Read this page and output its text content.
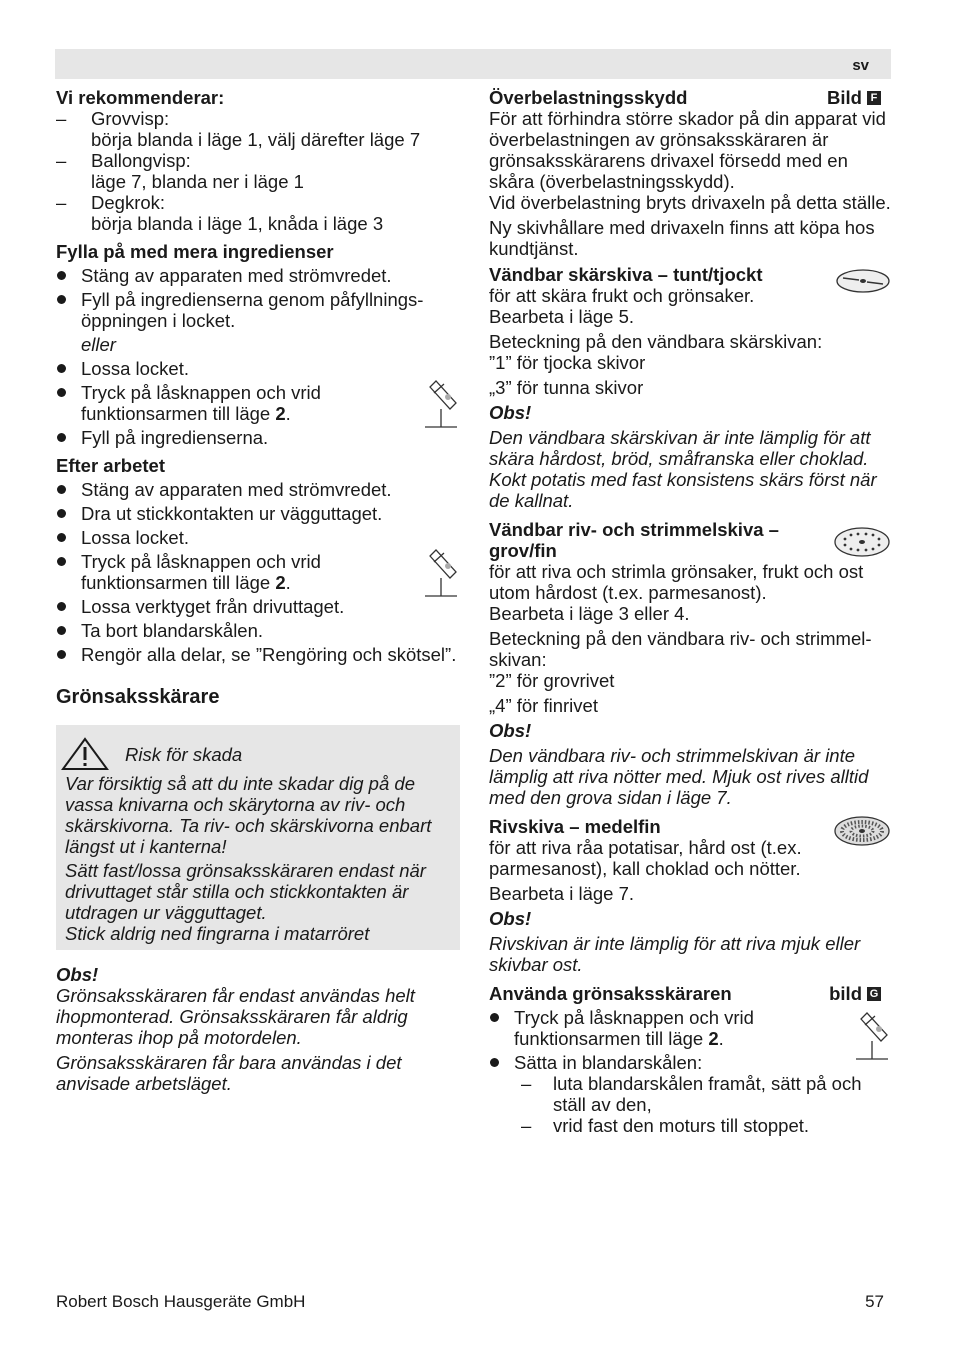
sv
Vi rekommenderar:
– Grovvisp:
börja blanda i läge 1, välj därefter läge 7
– Ballongvisp:
läge 7, blanda ner i läge 1
– Degkrok:
börja blanda i läge 1, knåda i läge 3
Fylla på med mera ingredienser
Stäng av apparaten med strömvredet.
Fyll på ingredienserna genom påfyllnings-öppningen i locket.
eller
Lossa locket.
Tryck på låsknappen och vrid funktionsarmen till läge 2.
Fyll på ingredienserna.
Efter arbetet
Stäng av apparaten med strömvredet.
Dra ut stickkontakten ur vägguttaget.
Lossa locket.
Tryck på låsknappen och vrid funktionsarmen till läge 2.
Lossa verktyget från drivuttaget.
Ta bort blandarskålen.
Rengör alla delar, se ”Rengöring och skötsel”.
Grönsaksskärare
Risk för skada

Var försiktig så att du inte skadar dig på de vassa knivarna och skärytorna av riv- och skärskivorna. Ta riv- och skärskivorna enbart längst ut i kanterna!

Sätt fast/lossa grönsaksskäraren endast när drivuttaget står stilla och stickkontakten är utdragen ur vägguttaget.

Stick aldrig ned fingrarna i matarröret

Obs!
Grönsaksskäraren får endast användas helt ihopmonterad. Grönsaksskäraren får aldrig monteras ihop på motordelen.
Grönsaksskäraren får bara användas i det anvisade arbetsläget.
Överbelastningsskydd	Bild F
För att förhindra större skador på din apparat vid överbelastningen av grönsaksskäraren är grönsaksskärarens drivaxel försedd med en skåra (överbelastningsskydd).
Vid överbelastning bryts drivaxeln på detta ställe.
Ny skivhållare med drivaxeln finns att köpa hos kundtjänst.
Vändbar skärskiva – tunt/tjockt
för att skära frukt och grönsaker.
Bearbeta i läge 5.
Beteckning på den vändbara skärskivan:
”1” för tjocka skivor
„3” för tunna skivor
Obs!
Den vändbara skärskivan är inte lämplig för att skära hårdost, bröd, småfranska eller choklad. Kokt potatis med fast konsistens skärs först när de kallnat.
Vändbar riv- och strimmelskiva – grov/fin
för att riva och strimla grönsaker, frukt och ost utom hårdost (t.ex. parmesanost).
Bearbeta i läge 3 eller 4.
Beteckning på den vändbara riv- och strimmel-skivan:
”2” för grovrivet
„4” för finrivet
Obs!
Den vändbara riv- och strimmelskivan är inte lämplig att riva nötter med. Mjuk ost rives alltid med den grova sidan i läge 7.
Rivskiva – medelfin
för att riva råa potatisar, hård ost (t.ex. parmesanost), kall choklad och nötter.
Bearbeta i läge 7.
Obs!
Rivskivan är inte lämplig för att riva mjuk eller skivbar ost.
Använda grönsaksskäraren	bild G
Tryck på låsknappen och vrid funktionsarmen till läge 2.
Sätta in blandarskålen:
– luta blandarskålen framåt, sätt på och ställ av den,
– vrid fast den moturs till stoppet.
Robert Bosch Hausgeräte GmbH	57
